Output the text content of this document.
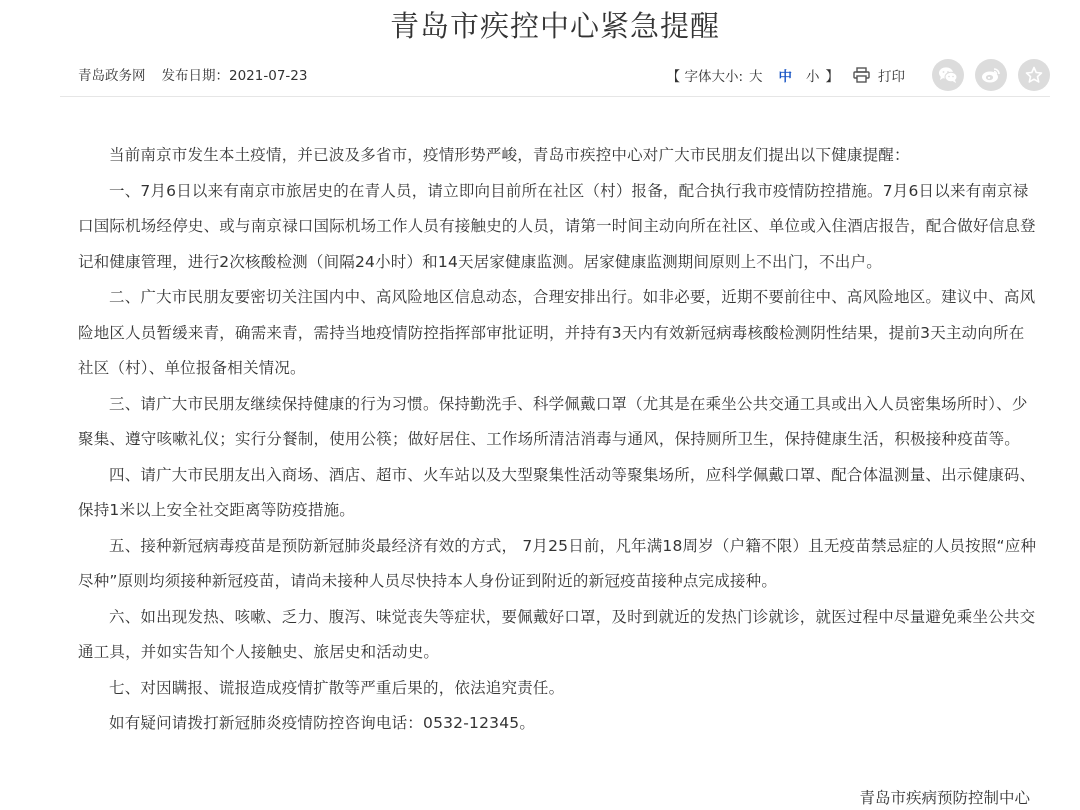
青岛市疾控中心紧急提醒
青岛政务网 发布日期：2021-07-23	【 字体大小: 大 中 小 】	打印

当前南京市发生本土疫情，并已波及多省市，疫情形势严峻，青岛市疾控中心对广大市民朋友们提出以下健康提醒：

一、7月6日以来有南京市旅居史的在青人员，请立即向目前所在社区（村）报备，配合执行我市疫情防控措施。7月6日以来有南京禄口国际机场经停史、或与南京禄口国际机场工作人员有接触史的人员，请第一时间主动向所在社区、单位或入住酒店报告，配合做好信息登记和健康管理，进行2次核酸检测（间隔24小时）和14天居家健康监测。居家健康监测期间原则上不出门，不出户。

二、广大市民朋友要密切关注国内中、高风险地区信息动态，合理安排出行。如非必要，近期不要前往中、高风险地区。建议中、高风险地区人员暂缓来青，确需来青，需持当地疫情防控指挥部审批证明，并持有3天内有效新冠病毒核酸检测阴性结果，提前3天主动向所在社区（村）、单位报备相关情况。

三、请广大市民朋友继续保持健康的行为习惯。保持勤洗手、科学佩戴口罩（尤其是在乘坐公共交通工具或出入人员密集场所时）、少聚集、遵守咳嗽礼仪；实行分餐制，使用公筷；做好居住、工作场所清洁消毒与通风，保持厕所卫生，保持健康生活，积极接种疫苗等。

四、请广大市民朋友出入商场、酒店、超市、火车站以及大型聚集性活动等聚集场所，应科学佩戴口罩、配合体温测量、出示健康码、保持1米以上安全社交距离等防疫措施。

五、接种新冠病毒疫苗是预防新冠肺炎最经济有效的方式， 7月25日前，凡年满18周岁（户籍不限）且无疫苗禁忌症的人员按照“应种尽种”原则均须接种新冠疫苗，请尚未接种人员尽快持本人身份证到附近的新冠疫苗接种点完成接种。

六、如出现发热、咳嗽、乏力、腹泻、味觉丧失等症状，要佩戴好口罩，及时到就近的发热门诊就诊，就医过程中尽量避免乘坐公共交通工具，并如实告知个人接触史、旅居史和活动史。

七、对因瞒报、谎报造成疫情扩散等严重后果的，依法追究责任。

如有疑问请拨打新冠肺炎疫情防控咨询电话：0532-12345。

青岛市疾病预防控制中心
